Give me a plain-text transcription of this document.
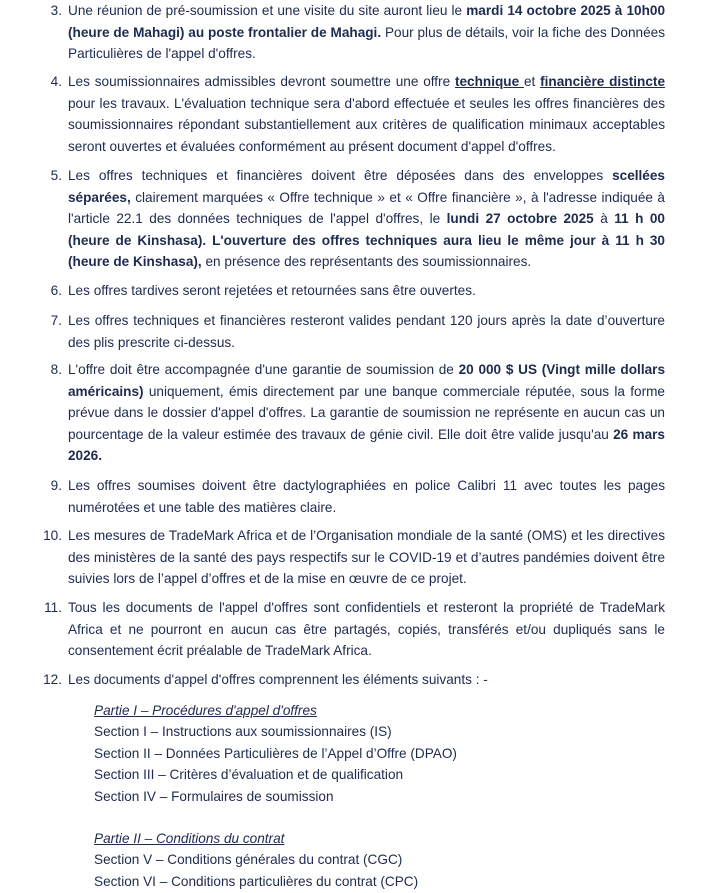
3. Une réunion de pré-soumission et une visite du site auront lieu le mardi 14 octobre 2025 à 10h00 (heure de Mahagi) au poste frontalier de Mahagi. Pour plus de détails, voir la fiche des Données Particulières de l'appel d'offres.
4. Les soumissionnaires admissibles devront soumettre une offre technique et financière distincte pour les travaux. L'évaluation technique sera d'abord effectuée et seules les offres financières des soumissionnaires répondant substantiellement aux critères de qualification minimaux acceptables seront ouvertes et évaluées conformément au présent document d'appel d'offres.
5. Les offres techniques et financières doivent être déposées dans des enveloppes scellées séparées, clairement marquées « Offre technique » et « Offre financière », à l'adresse indiquée à l'article 22.1 des données techniques de l'appel d'offres, le lundi 27 octobre 2025 à 11 h 00 (heure de Kinshasa). L'ouverture des offres techniques aura lieu le même jour à 11 h 30 (heure de Kinshasa), en présence des représentants des soumissionnaires.
6. Les offres tardives seront rejetées et retournées sans être ouvertes.
7. Les offres techniques et financières resteront valides pendant 120 jours après la date d’ouverture des plis prescrite ci-dessus.
8. L'offre doit être accompagnée d'une garantie de soumission de 20 000 $ US (Vingt mille dollars américains) uniquement, émis directement par une banque commerciale réputée, sous la forme prévue dans le dossier d'appel d'offres. La garantie de soumission ne représente en aucun cas un pourcentage de la valeur estimée des travaux de génie civil. Elle doit être valide jusqu'au 26 mars 2026.
9. Les offres soumises doivent être dactylographiées en police Calibri 11 avec toutes les pages numérotées et une table des matières claire.
10. Les mesures de TradeMark Africa et de l’Organisation mondiale de la santé (OMS) et les directives des ministères de la santé des pays respectifs sur le COVID-19 et d’autres pandémies doivent être suivies lors de l’appel d’offres et de la mise en œuvre de ce projet.
11. Tous les documents de l'appel d'offres sont confidentiels et resteront la propriété de TradeMark Africa et ne pourront en aucun cas être partagés, copiés, transférés et/ou dupliqués sans le consentement écrit préalable de TradeMark Africa.
12. Les documents d'appel d'offres comprennent les éléments suivants : -
Partie I – Procédures d'appel d'offres
Section I – Instructions aux soumissionnaires (IS)
Section II – Données Particulières de l’Appel d’Offre (DPAO)
Section III – Critères d’évaluation et de qualification
Section IV – Formulaires de soumission
Partie II – Conditions du contrat
Section V – Conditions générales du contrat (CGC)
Section VI – Conditions particulières du contrat (CPC)
